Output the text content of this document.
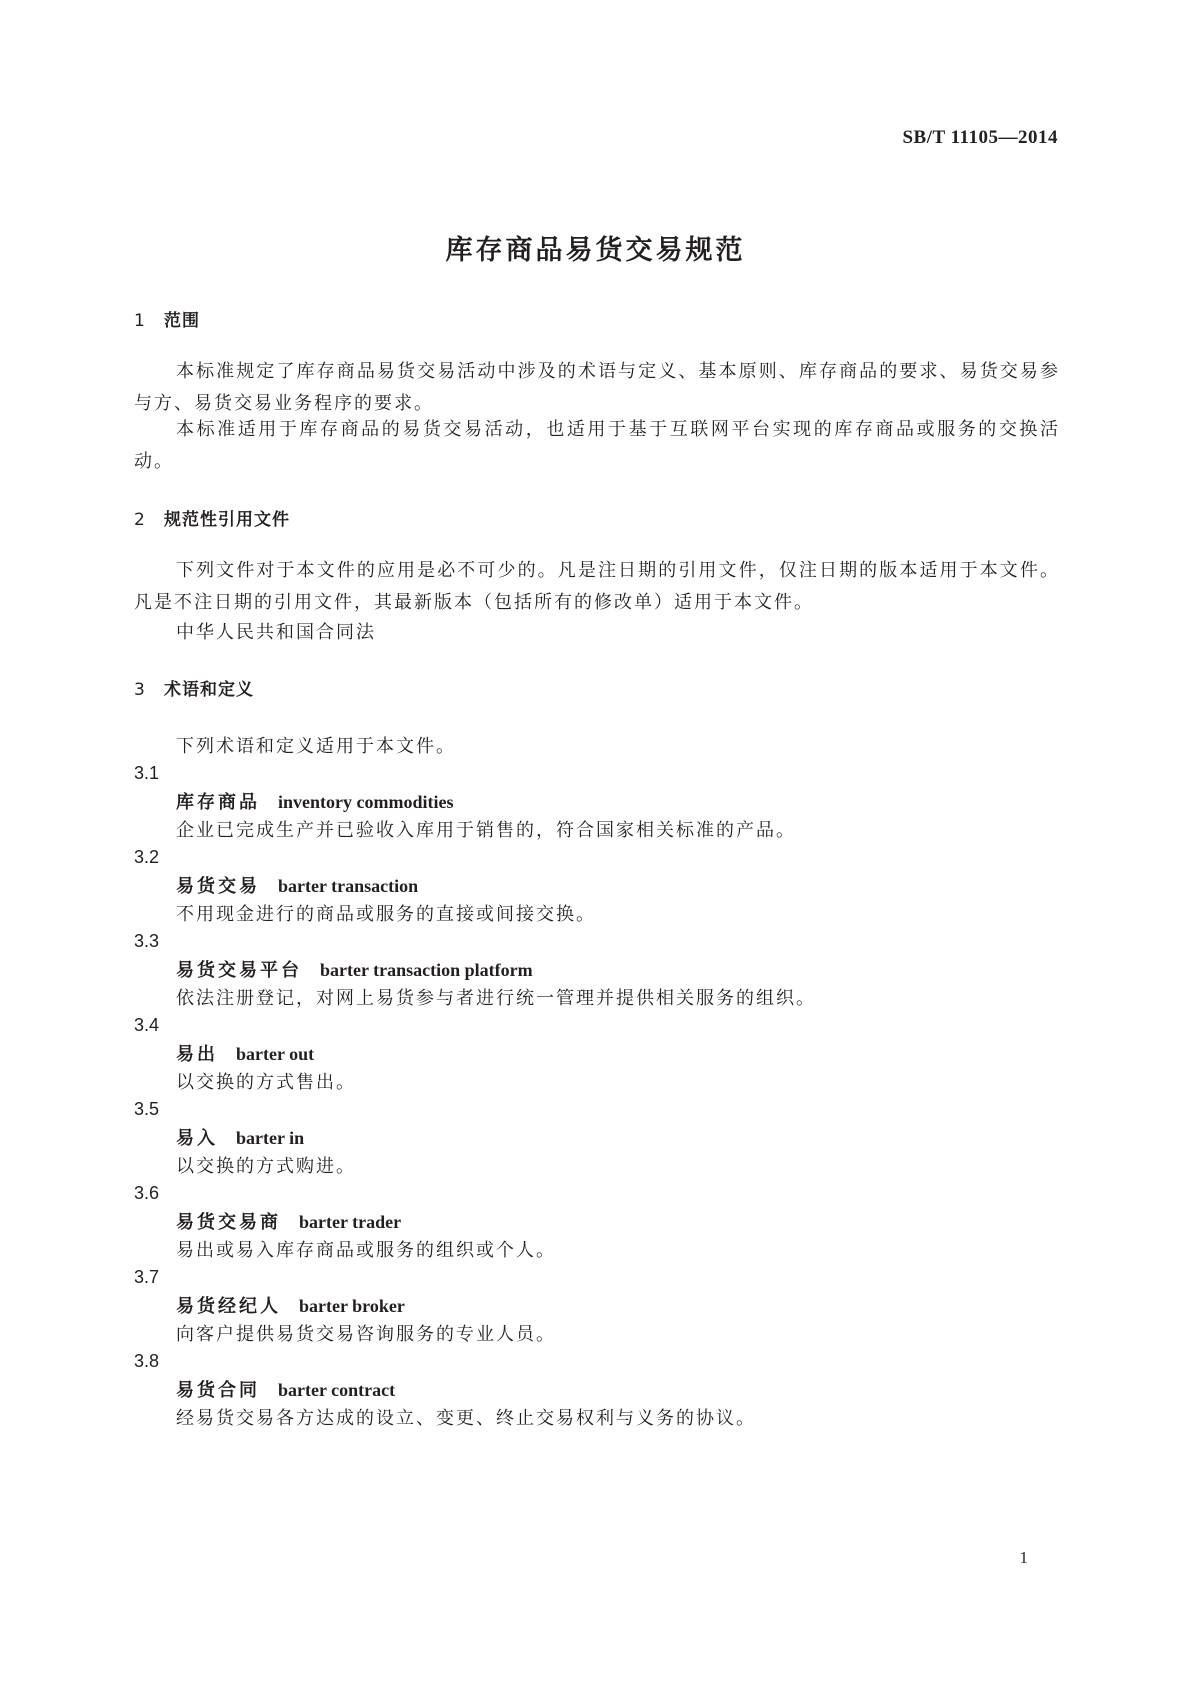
SB/T 11105—2014
库存商品易货交易规范
1 范围
本标准规定了库存商品易货交易活动中涉及的术语与定义、基本原则、库存商品的要求、易货交易参与方、易货交易业务程序的要求。
本标准适用于库存商品的易货交易活动，也适用于基于互联网平台实现的库存商品或服务的交换活动。
2 规范性引用文件
下列文件对于本文件的应用是必不可少的。凡是注日期的引用文件，仅注日期的版本适用于本文件。凡是不注日期的引用文件，其最新版本（包括所有的修改单）适用于本文件。
中华人民共和国合同法
3 术语和定义
下列术语和定义适用于本文件。
3.1
库存商品 inventory commodities
企业已完成生产并已验收入库用于销售的，符合国家相关标准的产品。
3.2
易货交易 barter transaction
不用现金进行的商品或服务的直接或间接交换。
3.3
易货交易平台 barter transaction platform
依法注册登记，对网上易货参与者进行统一管理并提供相关服务的组织。
3.4
易出 barter out
以交换的方式售出。
3.5
易入 barter in
以交换的方式购进。
3.6
易货交易商 barter trader
易出或易入库存商品或服务的组织或个人。
3.7
易货经纪人 barter broker
向客户提供易货交易咨询服务的专业人员。
3.8
易货合同 barter contract
经易货交易各方达成的设立、变更、终止交易权利与义务的协议。
1
